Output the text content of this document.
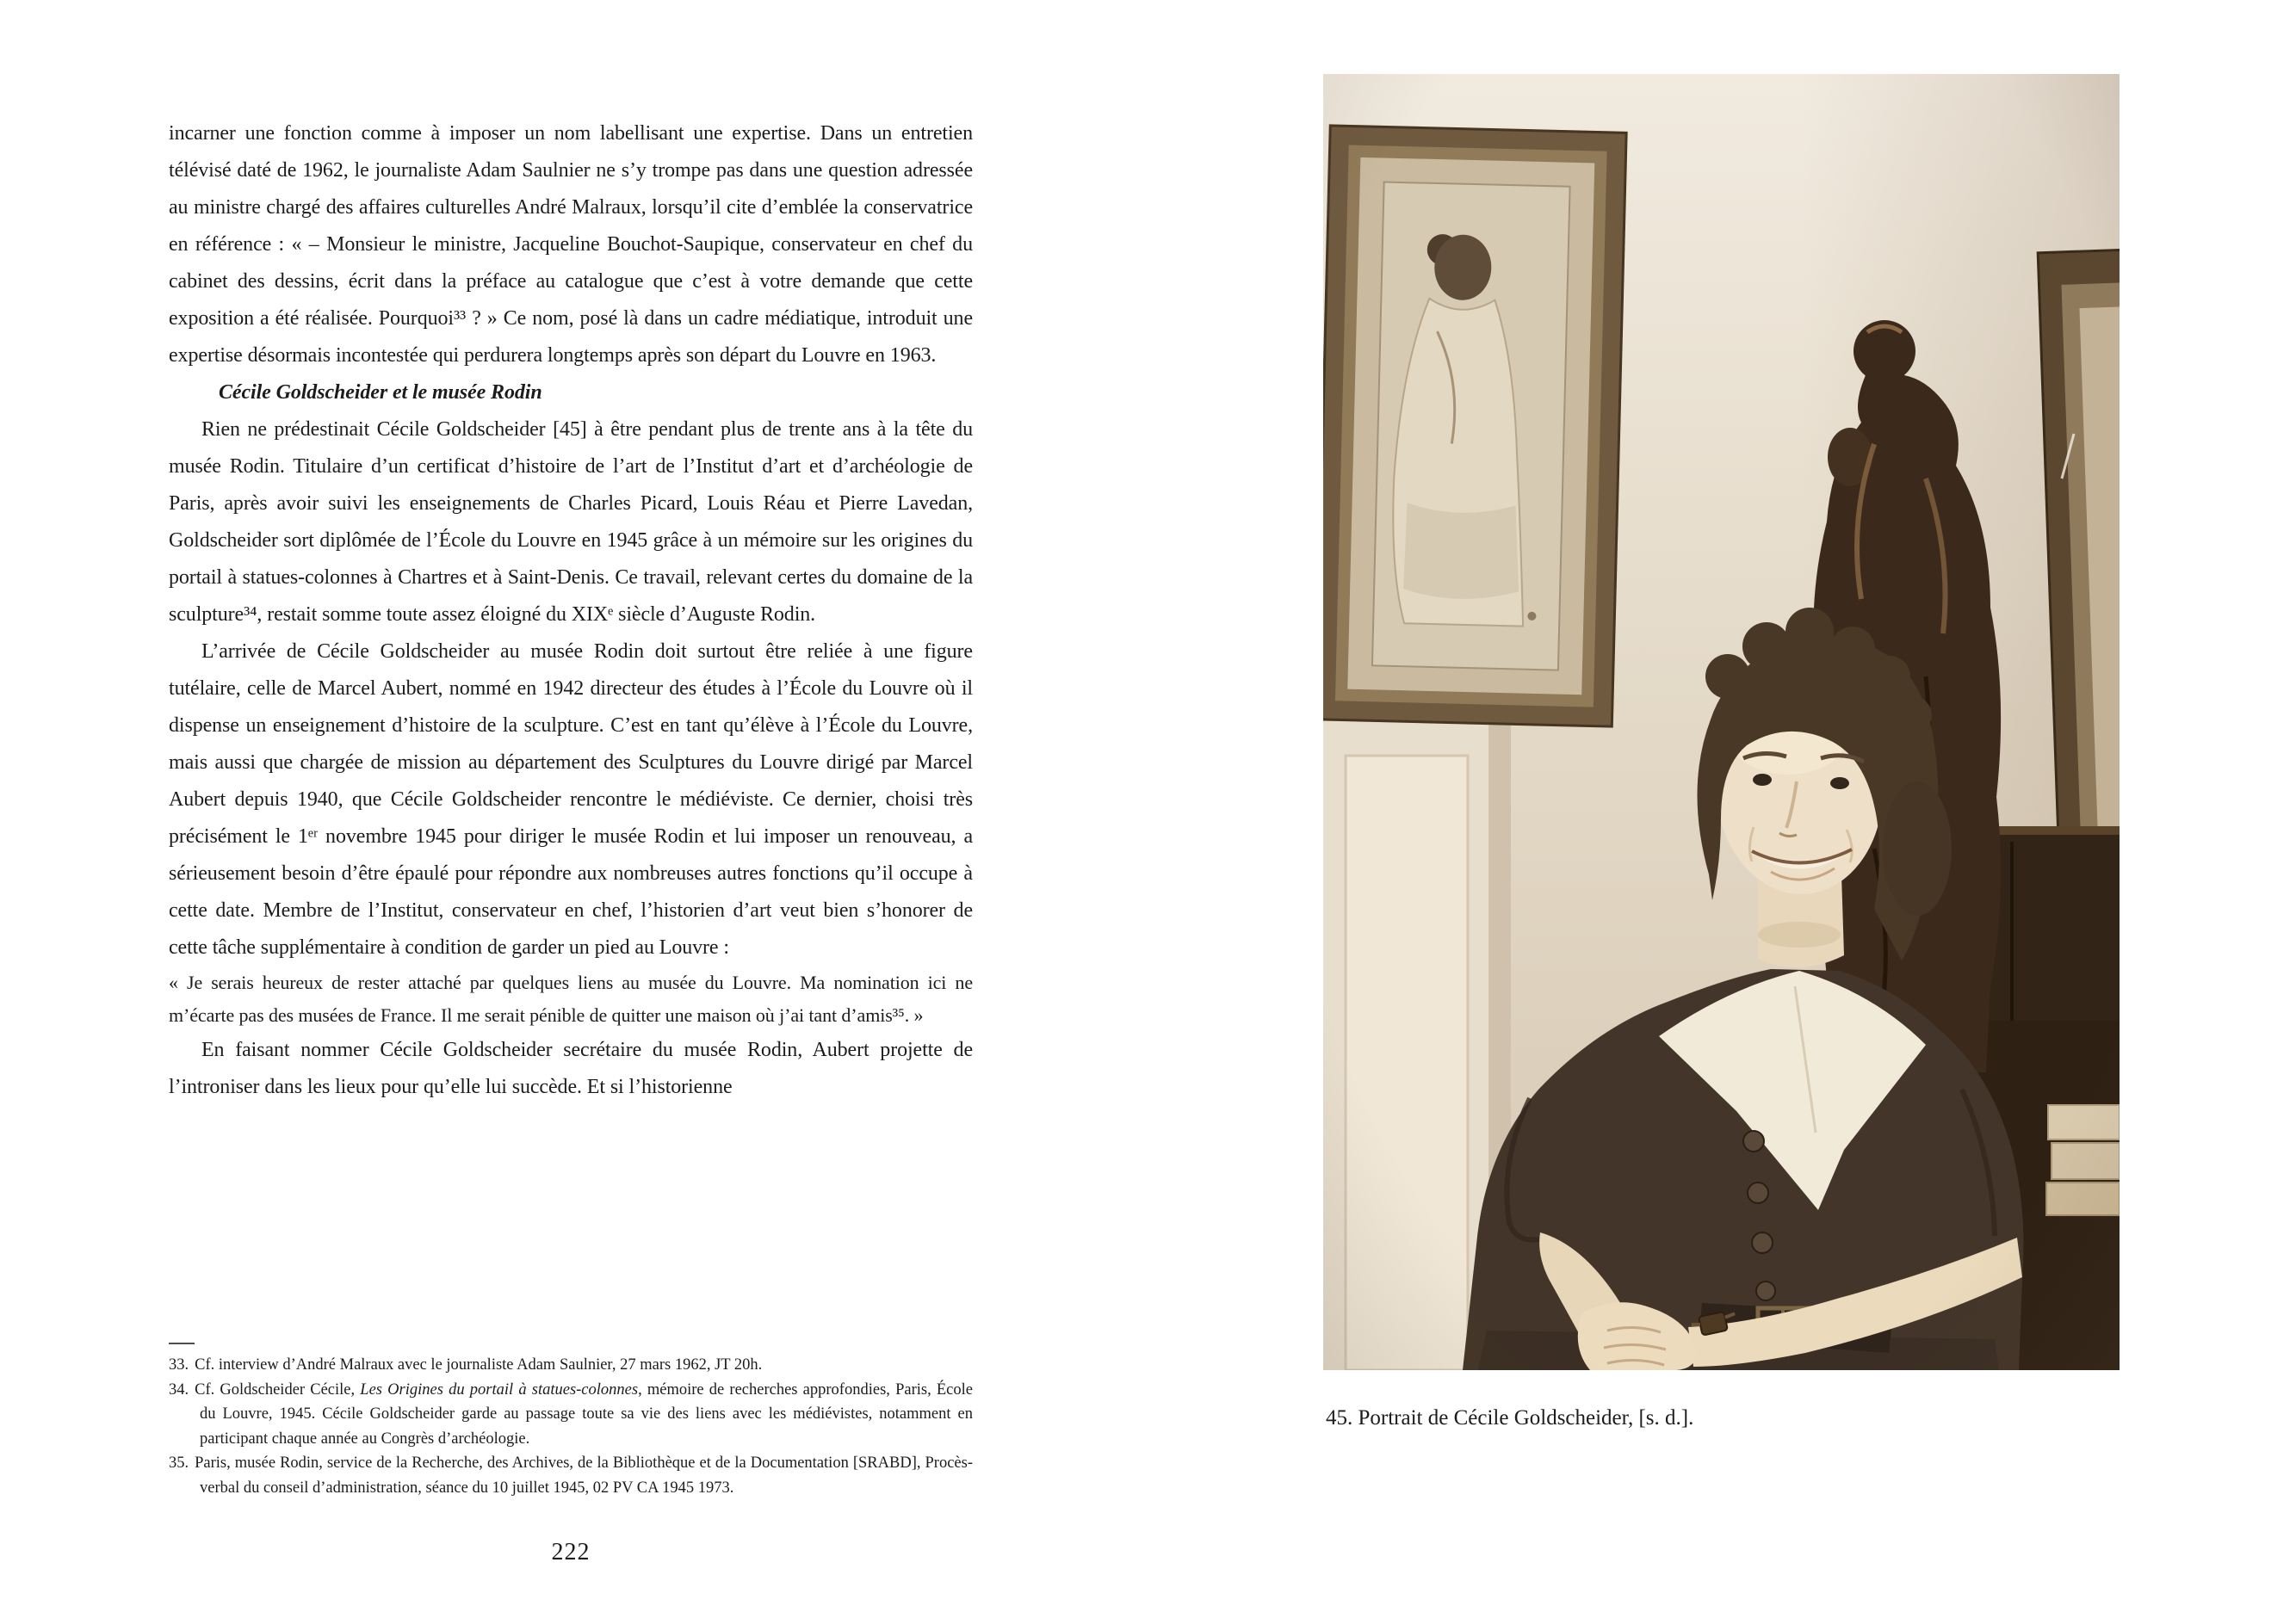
incarner une fonction comme à imposer un nom labellisant une expertise. Dans un entretien télévisé daté de 1962, le journaliste Adam Saulnier ne s’y trompe pas dans une question adressée au ministre chargé des affaires culturelles André Malraux, lorsqu’il cite d’emblée la conservatrice en référence : « – Monsieur le ministre, Jacqueline Bouchot-Saupique, conservateur en chef du cabinet des dessins, écrit dans la préface au catalogue que c’est à votre demande que cette exposition a été réalisée. Pourquoi³³ ? » Ce nom, posé là dans un cadre médiatique, introduit une expertise désormais incontestée qui perdurera longtemps après son départ du Louvre en 1963.

Cécile Goldscheider et le musée Rodin

Rien ne prédestinait Cécile Goldscheider [45] à être pendant plus de trente ans à la tête du musée Rodin. Titulaire d’un certificat d’histoire de l’art de l’Institut d’art et d’archéologie de Paris, après avoir suivi les enseignements de Charles Picard, Louis Réau et Pierre Lavedan, Goldscheider sort diplômée de l’École du Louvre en 1945 grâce à un mémoire sur les origines du portail à statues-colonnes à Chartres et à Saint-Denis. Ce travail, relevant certes du domaine de la sculpture³⁴, restait somme toute assez éloigné du XIXᵉ siècle d’Auguste Rodin.

L’arrivée de Cécile Goldscheider au musée Rodin doit surtout être reliée à une figure tutélaire, celle de Marcel Aubert, nommé en 1942 directeur des études à l’École du Louvre où il dispense un enseignement d’histoire de la sculpture. C’est en tant qu’élève à l’École du Louvre, mais aussi que chargée de mission au département des Sculptures du Louvre dirigé par Marcel Aubert depuis 1940, que Cécile Goldscheider rencontre le médiéviste. Ce dernier, choisi très précisément le 1ᵉʳ novembre 1945 pour diriger le musée Rodin et lui imposer un renouveau, a sérieusement besoin d’être épaulé pour répondre aux nombreuses autres fonctions qu’il occupe à cette date. Membre de l’Institut, conservateur en chef, l’historien d’art veut bien s’honorer de cette tâche supplémentaire à condition de garder un pied au Louvre :

« Je serais heureux de rester attaché par quelques liens au musée du Louvre. Ma nomination ici ne m’écarte pas des musées de France. Il me serait pénible de quitter une maison où j’ai tant d’amis³⁵. »

En faisant nommer Cécile Goldscheider secrétaire du musée Rodin, Aubert projette de l’introniser dans les lieux pour qu’elle lui succède. Et si l’historienne

33. Cf. interview d’André Malraux avec le journaliste Adam Saulnier, 27 mars 1962, JT 20h.
34. Cf. Goldscheider Cécile, Les Origines du portail à statues-colonnes, mémoire de recherches approfondies, Paris, École du Louvre, 1945. Cécile Goldscheider garde au passage toute sa vie des liens avec les médiévistes, notamment en participant chaque année au Congrès d’archéologie.
35. Paris, musée Rodin, service de la Recherche, des Archives, de la Bibliothèque et de la Documentation [SRABD], Procès-verbal du conseil d’administration, séance du 10 juillet 1945, 02 PV CA 1945 1973.
222
45. Portrait de Cécile Goldscheider, [s. d.].
